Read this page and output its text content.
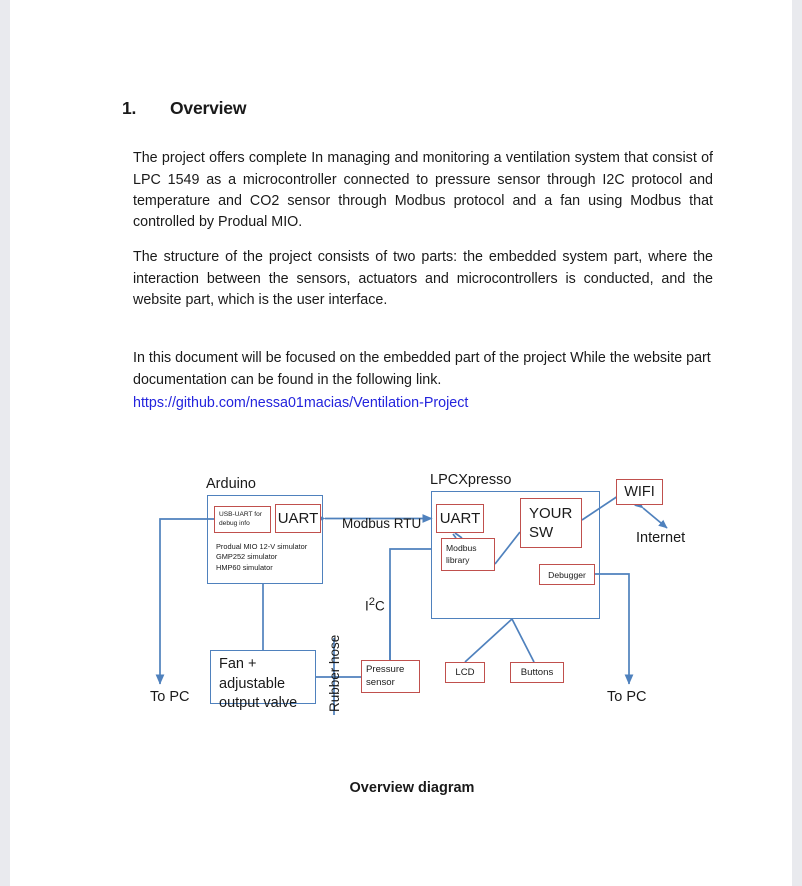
1. Overview

The project offers complete In managing and monitoring a ventilation system that consist of LPC 1549 as a microcontroller connected to pressure sensor through I2C protocol and temperature and CO2 sensor through Modbus protocol and a fan using Modbus that controlled by Produal MIO.

The structure of the project consists of two parts: the embedded system part, where the interaction between the sensors, actuators and microcontrollers is conducted, and the website part, which is the user interface.

In this document will be focused on the embedded part of the project While the website part documentation can be found in the following link.

https://github.com/nessa01macias/Ventilation-Project
Overview diagram
Arduino	LPCXpresso
USB-UART for debug info	UART
Produal MIO 12-V simulator
GMP252 simulator
HMP60 simulator
UART
Modbus library
YOUR SW
Debugger
WIFI
Internet
Modbus RTU
$I^2C$
Fan +
adjustable
output valve Rubber hose	Pressure sensor
LCD	Buttons
To PC	To PC
